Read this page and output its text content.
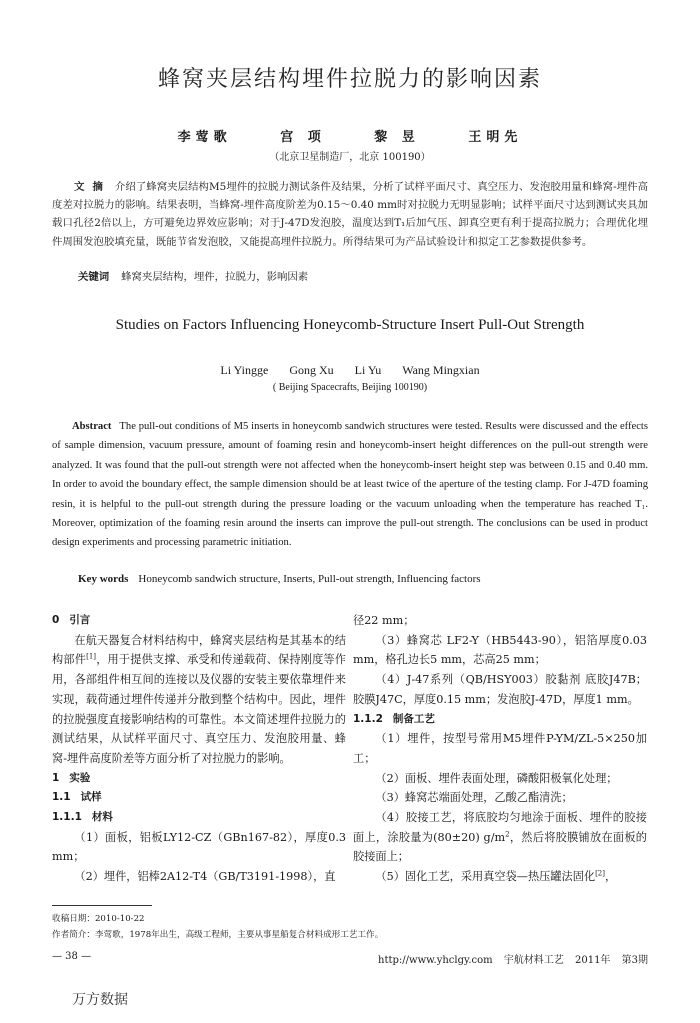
蜂窝夹层结构埋件拉脱力的影响因素
李莺歌	宫 项	黎 昱	王明先
（北京卫星制造厂，北京 100190）
文摘 介绍了蜂窝夹层结构M5埋件的拉脱力测试条件及结果，分析了试样平面尺寸、真空压力、发泡胶用量和蜂窝-埋件高度差对拉脱力的影响。结果表明，当蜂窝-埋件高度阶差为0.15～0.40 mm时对拉脱力无明显影响；试样平面尺寸达到测试夹具加载口孔径2倍以上，方可避免边界效应影响；对于J-47D发泡胶，温度达到T₁后加气压、卸真空更有利于提高拉脱力；合理优化埋件周围发泡胶填充量，既能节省发泡胶，又能提高埋件拉脱力。所得结果可为产品试验设计和拟定工艺参数提供参考。
关键词 蜂窝夹层结构，埋件，拉脱力，影响因素
Studies on Factors Influencing Honeycomb-Structure Insert Pull-Out Strength
Li Yingge Gong Xu Li Yu Wang Mingxian
( Beijing Spacecrafts, Beijing 100190)
Abstract The pull-out conditions of M5 inserts in honeycomb sandwich structures were tested. Results were discussed and the effects of sample dimension, vacuum pressure, amount of foaming resin and honeycomb-insert height differences on the pull-out strength were analyzed. It was found that the pull-out strength were not affected when the honeycomb-insert height step was between 0.15 and 0.40 mm. In order to avoid the boundary effect, the sample dimension should be at least twice of the aperture of the testing clamp. For J-47D foaming resin, it is helpful to the pull-out strength during the pressure loading or the vacuum unloading when the temperature has reached T₁. Moreover, optimization of the foaming resin around the inserts can improve the pull-out strength. The conclusions can be used in product design experiments and processing parametric initiation.
Key words Honeycomb sandwich structure, Inserts, Pull-out strength, Influencing factors

0 引言

在航天器复合材料结构中，蜂窝夹层结构是其基本的结构部件[1]，用于提供支撑、承受和传递载荷、保持刚度等作用，各部组件相互间的连接以及仪器的安装主要依靠埋件来实现，载荷通过埋件传递并分散到整个结构中。因此，埋件的拉脱强度直接影响结构的可靠性。本文简述埋件拉脱力的测试结果，从试样平面尺寸、真空压力、发泡胶用量、蜂窝-埋件高度阶差等方面分析了对拉脱力的影响。

1 实验

1.1 试样

1.1.1 材料

（1）面板，铝板LY12-CZ（GBn167-82），厚度0.3 mm；

（2）埋件，铝棒2A12-T4（GB/T3191-1998），直

径22 mm；

（3）蜂窝芯 LF2-Y（HB5443-90），铝箔厚度0.03 mm，格孔边长5 mm，芯高25 mm；

（4）J-47系列（QB/HSY003）胶黏剂 底胶J47B；胶膜J47C，厚度0.15 mm；发泡胶J-47D，厚度1 mm。

1.1.2 制备工艺

（1）埋件，按型号常用M5埋件P-YM/ZL-5×250加工；

（2）面板、埋件表面处理，磷酸阳极氧化处理；

（3）蜂窝芯端面处理，乙酸乙酯清洗；

（4）胶接工艺，将底胶均匀地涂于面板、埋件的胶接面上，涂胶量为(80±20) $g/m^2$，然后将胶膜铺放在面板的胶接面上；

（5）固化工艺，采用真空袋—热压罐法固化[2]，

收稿日期：2010-10-22
作者简介：李莺歌，1978年出生，高级工程师，主要从事星船复合材料成形工艺工作。
— 38 —	http://www.yhclgy.com 宇航材料工艺 2011年 第3期
万方数据
